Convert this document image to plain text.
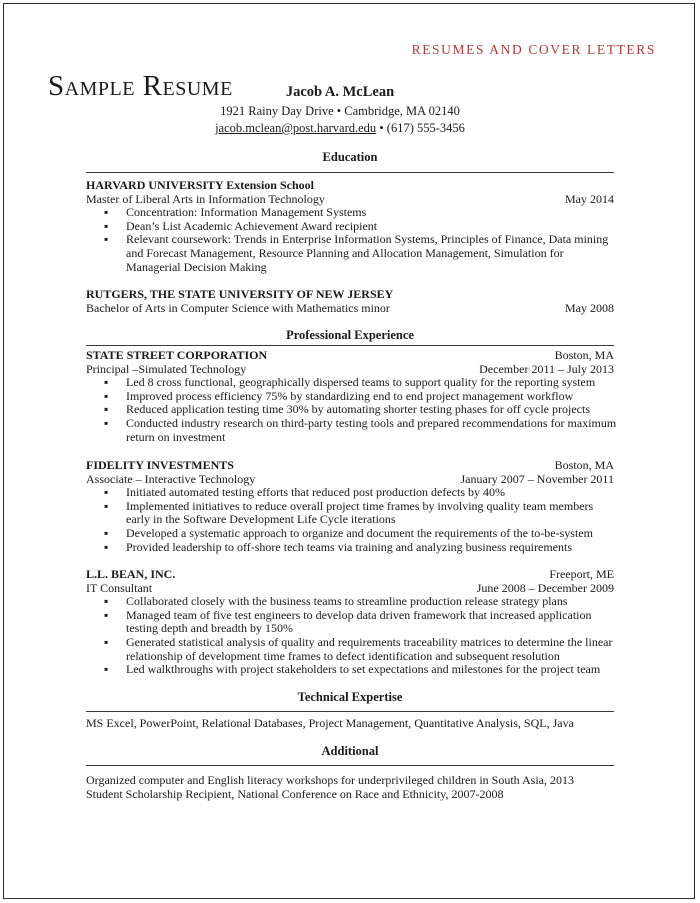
RESUMES AND COVER LETTERS
Sample Resume	Jacob A. McLean
1921 Rainy Day Drive • Cambridge, MA 02140
jacob.mclean@post.harvard.edu • (617) 555-3456
Education
HARVARD UNIVERSITY Extension School
Master of Liberal Arts in Information Technology	May 2014
▪	Concentration: Information Management Systems
▪	Dean’s List Academic Achievement Award recipient
▪	Relevant coursework: Trends in Enterprise Information Systems, Principles of Finance, Data mining
and Forecast Management, Resource Planning and Allocation Management, Simulation for
Managerial Decision Making
RUTGERS, THE STATE UNIVERSITY OF NEW JERSEY
Bachelor of Arts in Computer Science with Mathematics minor	May 2008
Professional Experience
STATE STREET CORPORATION	Boston, MA
Principal –Simulated Technology	December 2011 – July 2013
▪	Led 8 cross functional, geographically dispersed teams to support quality for the reporting system
▪	Improved process efficiency 75% by standardizing end to end project management workflow
▪	Reduced application testing time 30% by automating shorter testing phases for off cycle projects
▪	Conducted industry research on third-party testing tools and prepared recommendations for maximum
return on investment
FIDELITY INVESTMENTS	Boston, MA
Associate – Interactive Technology	January 2007 – November 2011
▪	Initiated automated testing efforts that reduced post production defects by 40%
▪	Implemented initiatives to reduce overall project time frames by involving quality team members
early in the Software Development Life Cycle iterations
▪	Developed a systematic approach to organize and document the requirements of the to-be-system
▪	Provided leadership to off-shore tech teams via training and analyzing business requirements
L.L. BEAN, INC.	Freeport, ME
IT Consultant	June 2008 – December 2009
▪	Collaborated closely with the business teams to streamline production release strategy plans
▪	Managed team of five test engineers to develop data driven framework that increased application
testing depth and breadth by 150%
▪	Generated statistical analysis of quality and requirements traceability matrices to determine the linear
relationship of development time frames to defect identification and subsequent resolution
▪	Led walkthroughs with project stakeholders to set expectations and milestones for the project team
Technical Expertise
MS Excel, PowerPoint, Relational Databases, Project Management, Quantitative Analysis, SQL, Java
Additional
Organized computer and English literacy workshops for underprivileged children in South Asia, 2013
Student Scholarship Recipient, National Conference on Race and Ethnicity, 2007-2008
